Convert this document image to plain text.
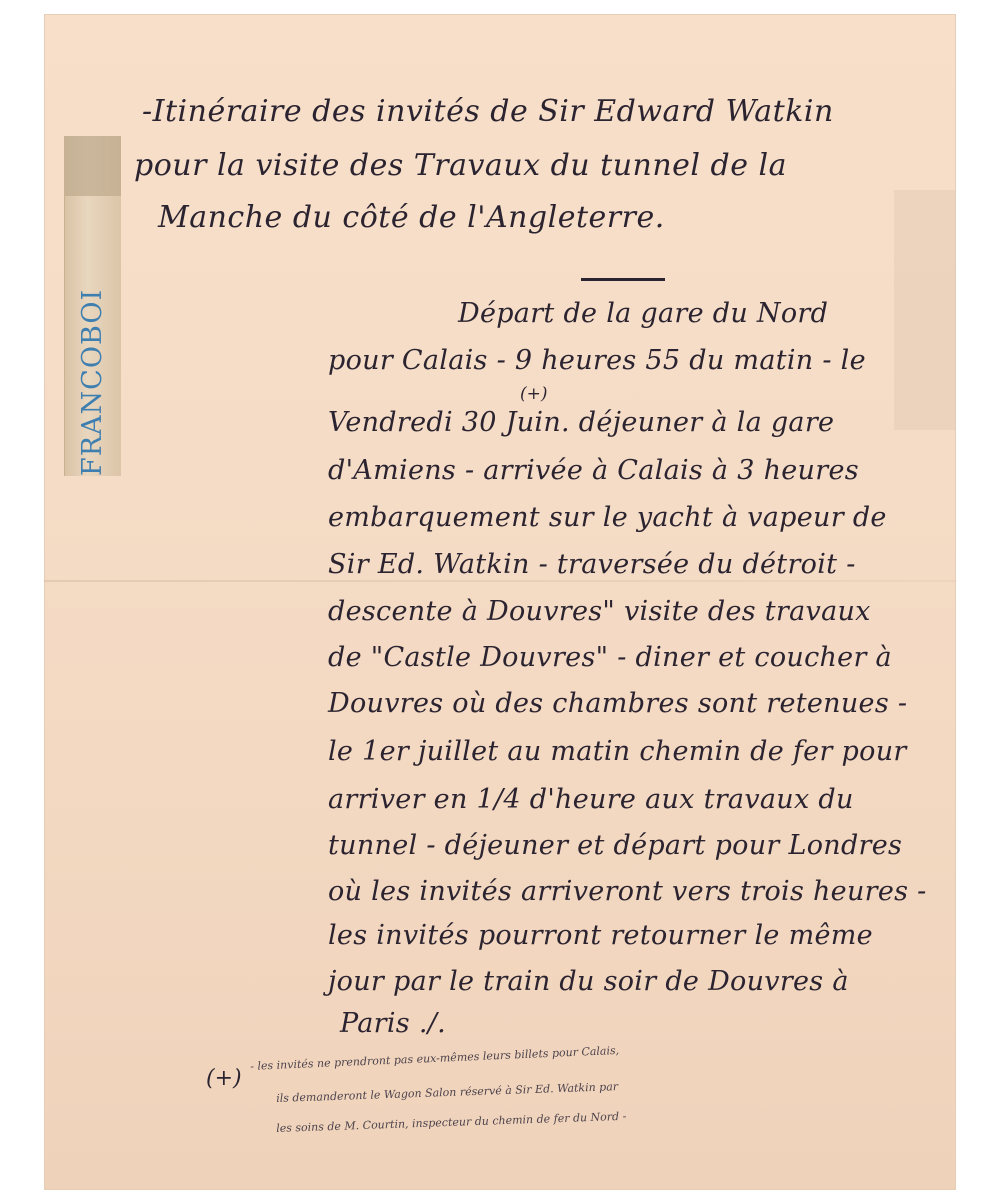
FRANCOBOI
-Itinéraire des invités de Sir Edward Watkin
pour la visite des Travaux du tunnel de la
Manche du côté de l'Angleterre.
Départ de la gare du Nord
pour Calais - 9 heures 55 du matin - le
(+)
Vendredi 30 Juin. déjeuner à la gare
d'Amiens - arrivée à Calais à 3 heures
embarquement sur le yacht à vapeur de
Sir Ed. Watkin - traversée du détroit -
descente à Douvres" visite des travaux
de "Castle Douvres" - diner et coucher à
Douvres où des chambres sont retenues -
le 1er juillet au matin chemin de fer pour
arriver en 1/4 d'heure aux travaux du
tunnel - déjeuner et départ pour Londres
où les invités arriveront vers trois heures -
les invités pourront retourner le même
jour par le train du soir de Douvres à
Paris ./.
(+)
- les invités ne prendront pas eux-mêmes leurs billets pour Calais,
ils demanderont le Wagon Salon réservé à Sir Ed. Watkin par
les soins de M. Courtin, inspecteur du chemin de fer du Nord -
